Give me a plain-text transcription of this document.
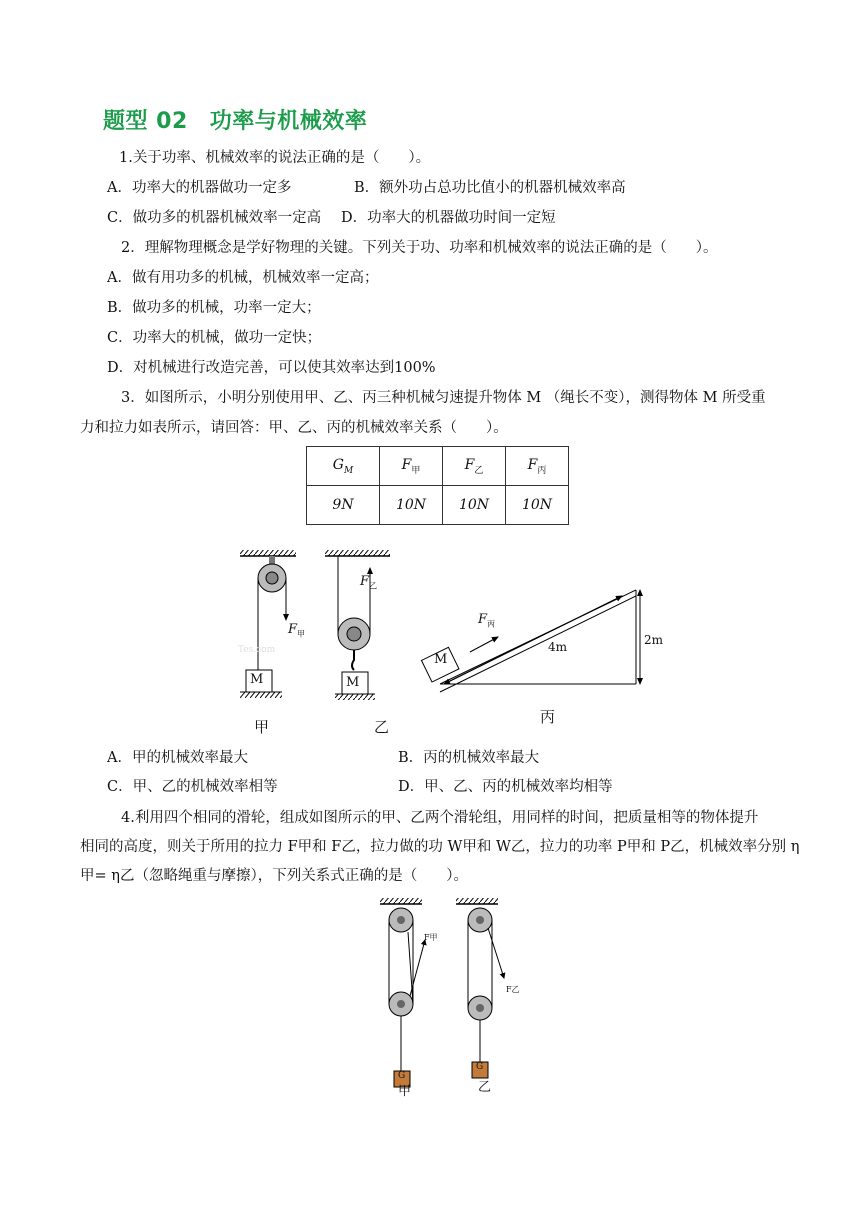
题型 02 功率与机械效率
1.关于功率、机械效率的说法正确的是（　　）。
A．功率大的机器做功一定多	B．额外功占总功比值小的机器机械效率高
C．做功多的机器机械效率一定高 D．功率大的机器做功时间一定短
2．理解物理概念是学好物理的关键。下列关于功、功率和机械效率的说法正确的是（　　）。
A．做有用功多的机械，机械效率一定高；
B．做功多的机械，功率一定大；
C．功率大的机械，做功一定快；
D．对机械进行改造完善，可以使其效率达到100%
3．如图所示，小明分别使用甲、乙、丙三种机械匀速提升物体 M （绳长不变），测得物体 M 所受重
力和拉力如表所示，请回答：甲、乙、丙的机械效率关系（　　）。
$G_M$	$F_甲$	$F_乙$	$F_丙$
9N	10N	10N	10N
$F_甲$
$F_乙$
$F_丙$
M	M
M
4m	2m
Tes.com
甲	乙
丙
A．甲的机械效率最大	B．丙的机械效率最大
C．甲、乙的机械效率相等	D．甲、乙、丙的机械效率均相等
4.利用四个相同的滑轮，组成如图所示的甲、乙两个滑轮组，用同样的时间，把质量相等的物体提升
相同的高度，则关于所用的拉力 F甲和 F乙，拉力做的功 W甲和 W乙，拉力的功率 P甲和 P乙，机械效率分别 η
甲= η乙（忽略绳重与摩擦），下列关系式正确的是（　　）。
F甲
F乙
G
G
甲	乙
